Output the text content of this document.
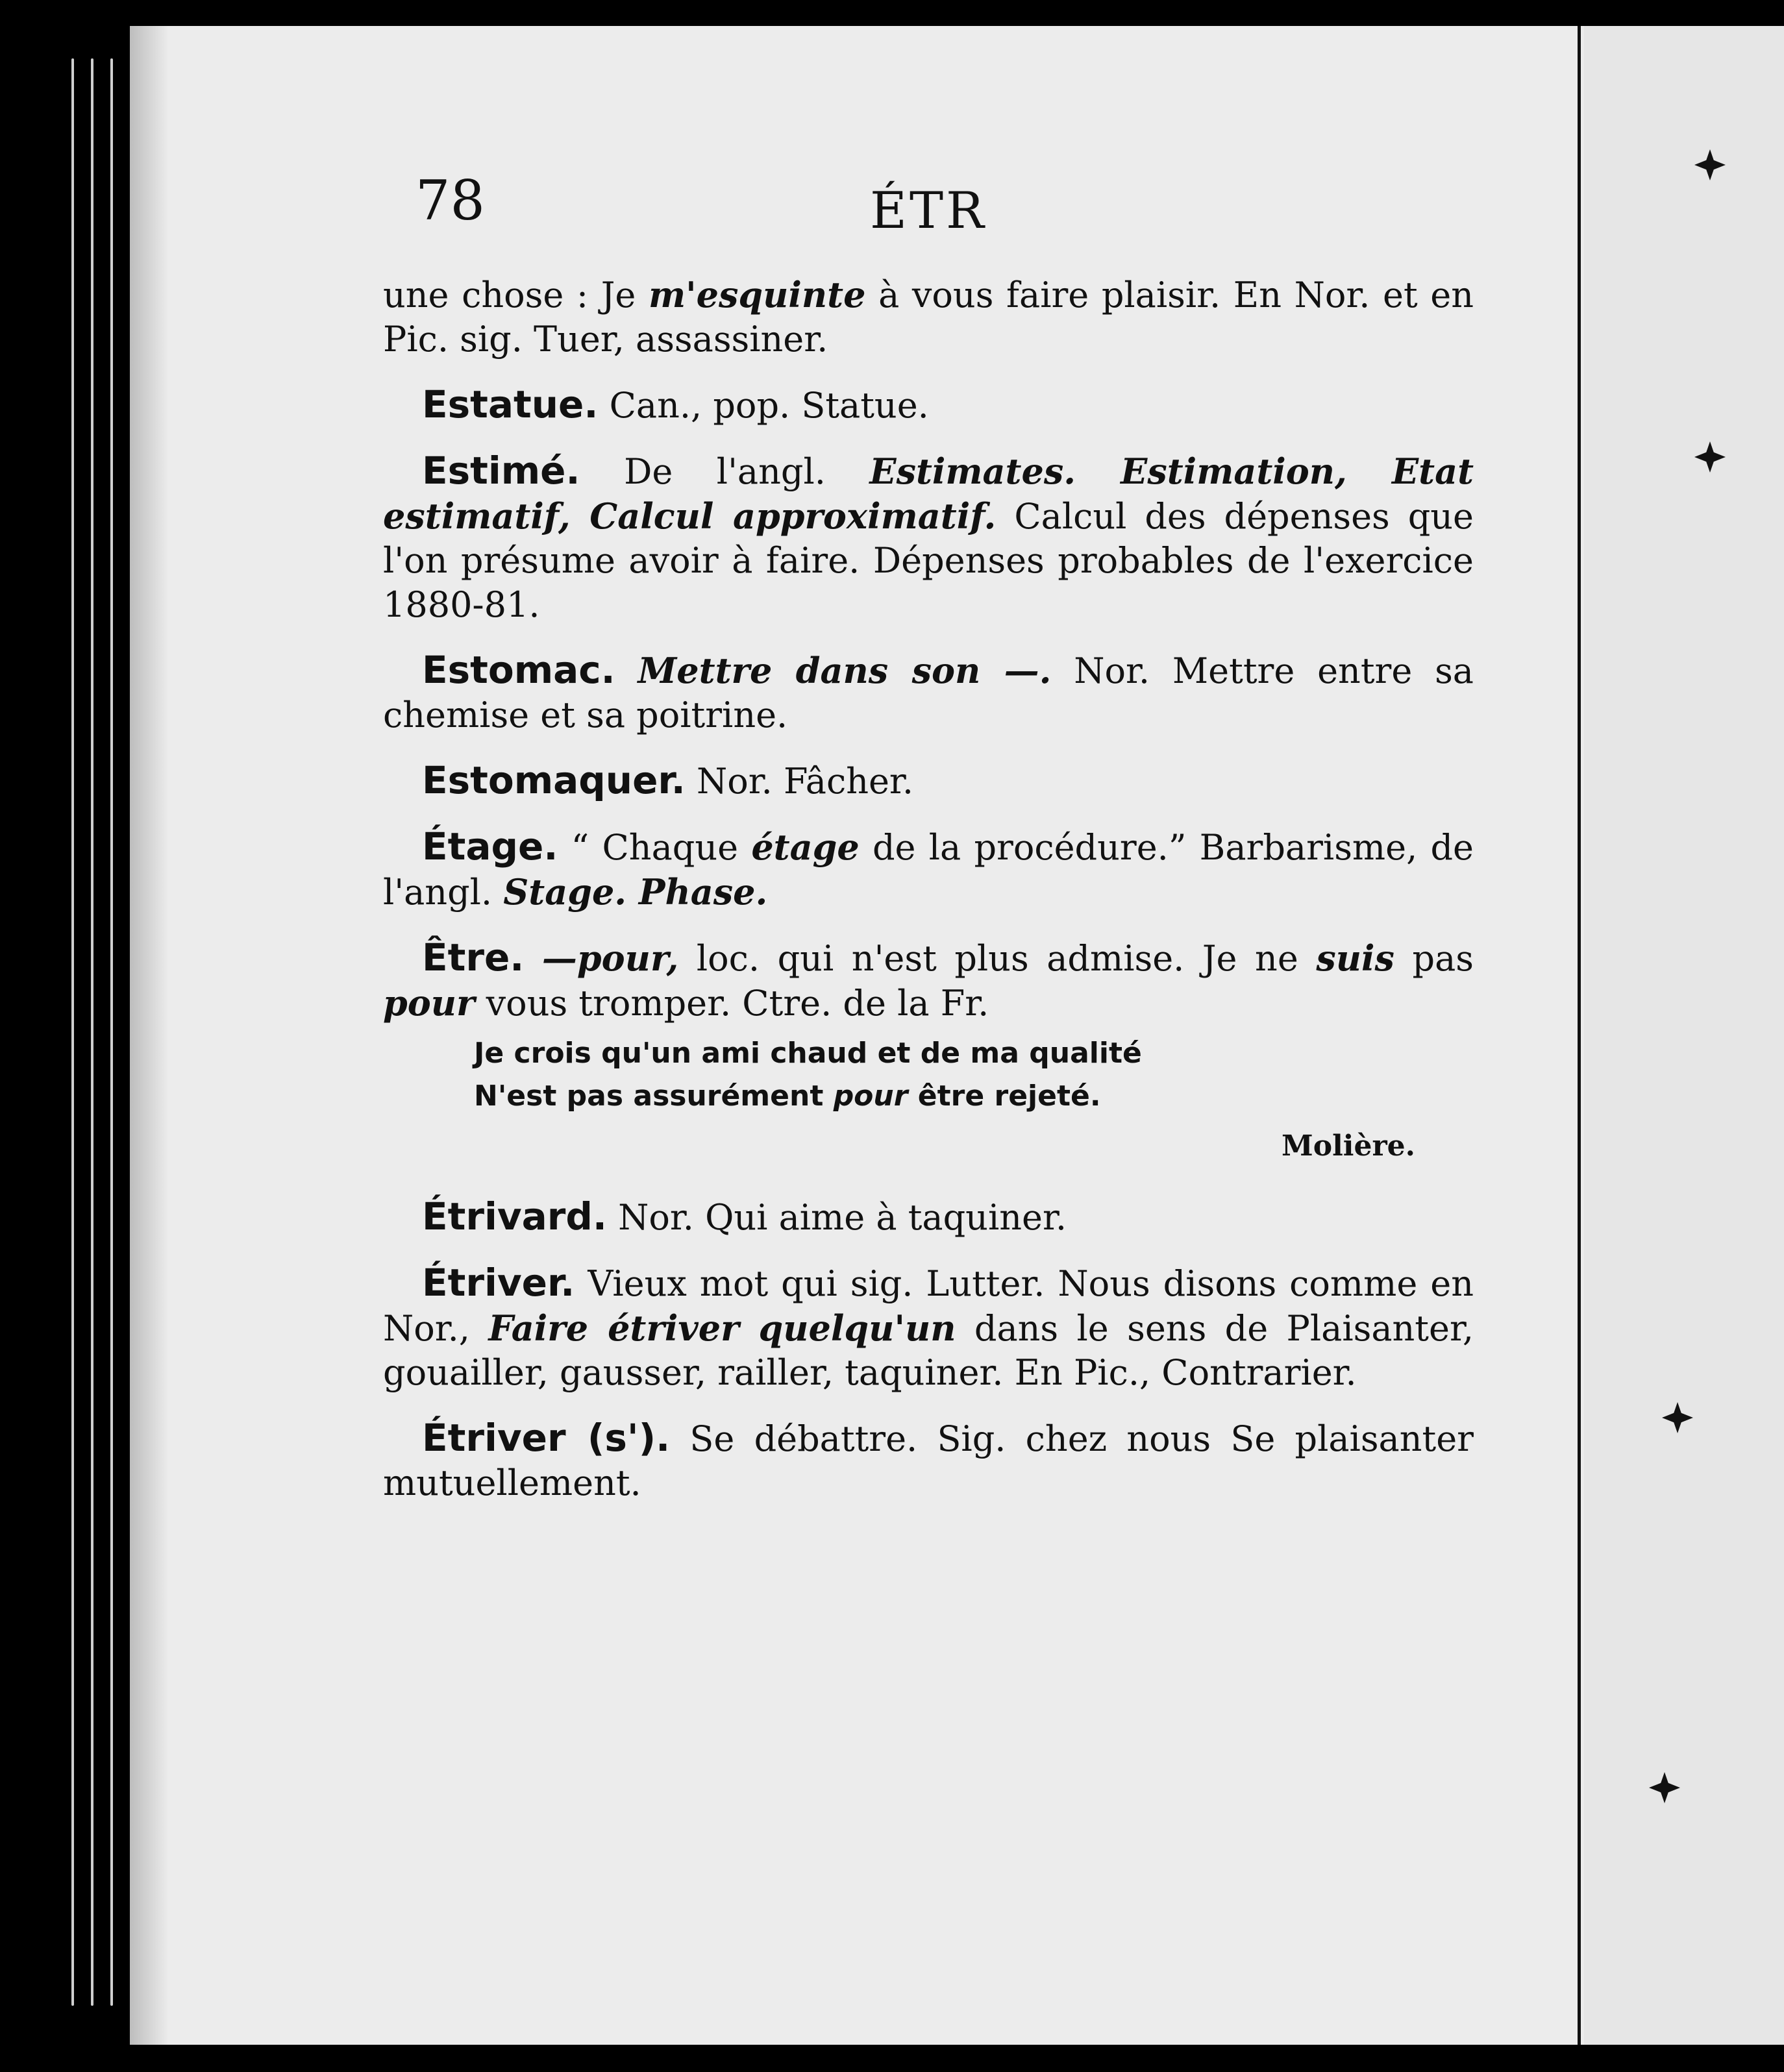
78	ÉTR

une chose : Je m'esquinte à vous faire plaisir. En Nor. et en Pic. sig. Tuer, assassiner.

Estatue. Can., pop. Statue.

Estimé. De l'angl. Estimates. Estimation, Etat estimatif, Calcul approximatif. Calcul des dépenses que l'on présume avoir à faire. Dépenses probables de l'exercice 1880-81.

Estomac. Mettre dans son —. Nor. Mettre entre sa chemise et sa poitrine.

Estomaquer. Nor. Fâcher.

Étage. “ Chaque étage de la procédure.” Barbarisme, de l'angl. Stage. Phase.

Être. —pour, loc. qui n'est plus admise. Je ne suis pas pour vous tromper. Ctre. de la Fr.
Je crois qu'un ami chaud et de ma qualité
N'est pas assurément pour être rejeté.
Molière.

Étrivard. Nor. Qui aime à taquiner.

Étriver. Vieux mot qui sig. Lutter. Nous disons comme en Nor., Faire étriver quelqu'un dans le sens de Plaisanter, gouailler, gausser, railler, taquiner. En Pic., Contrarier.

Étriver (s'). Se débattre. Sig. chez nous Se plaisanter mutuellement.
